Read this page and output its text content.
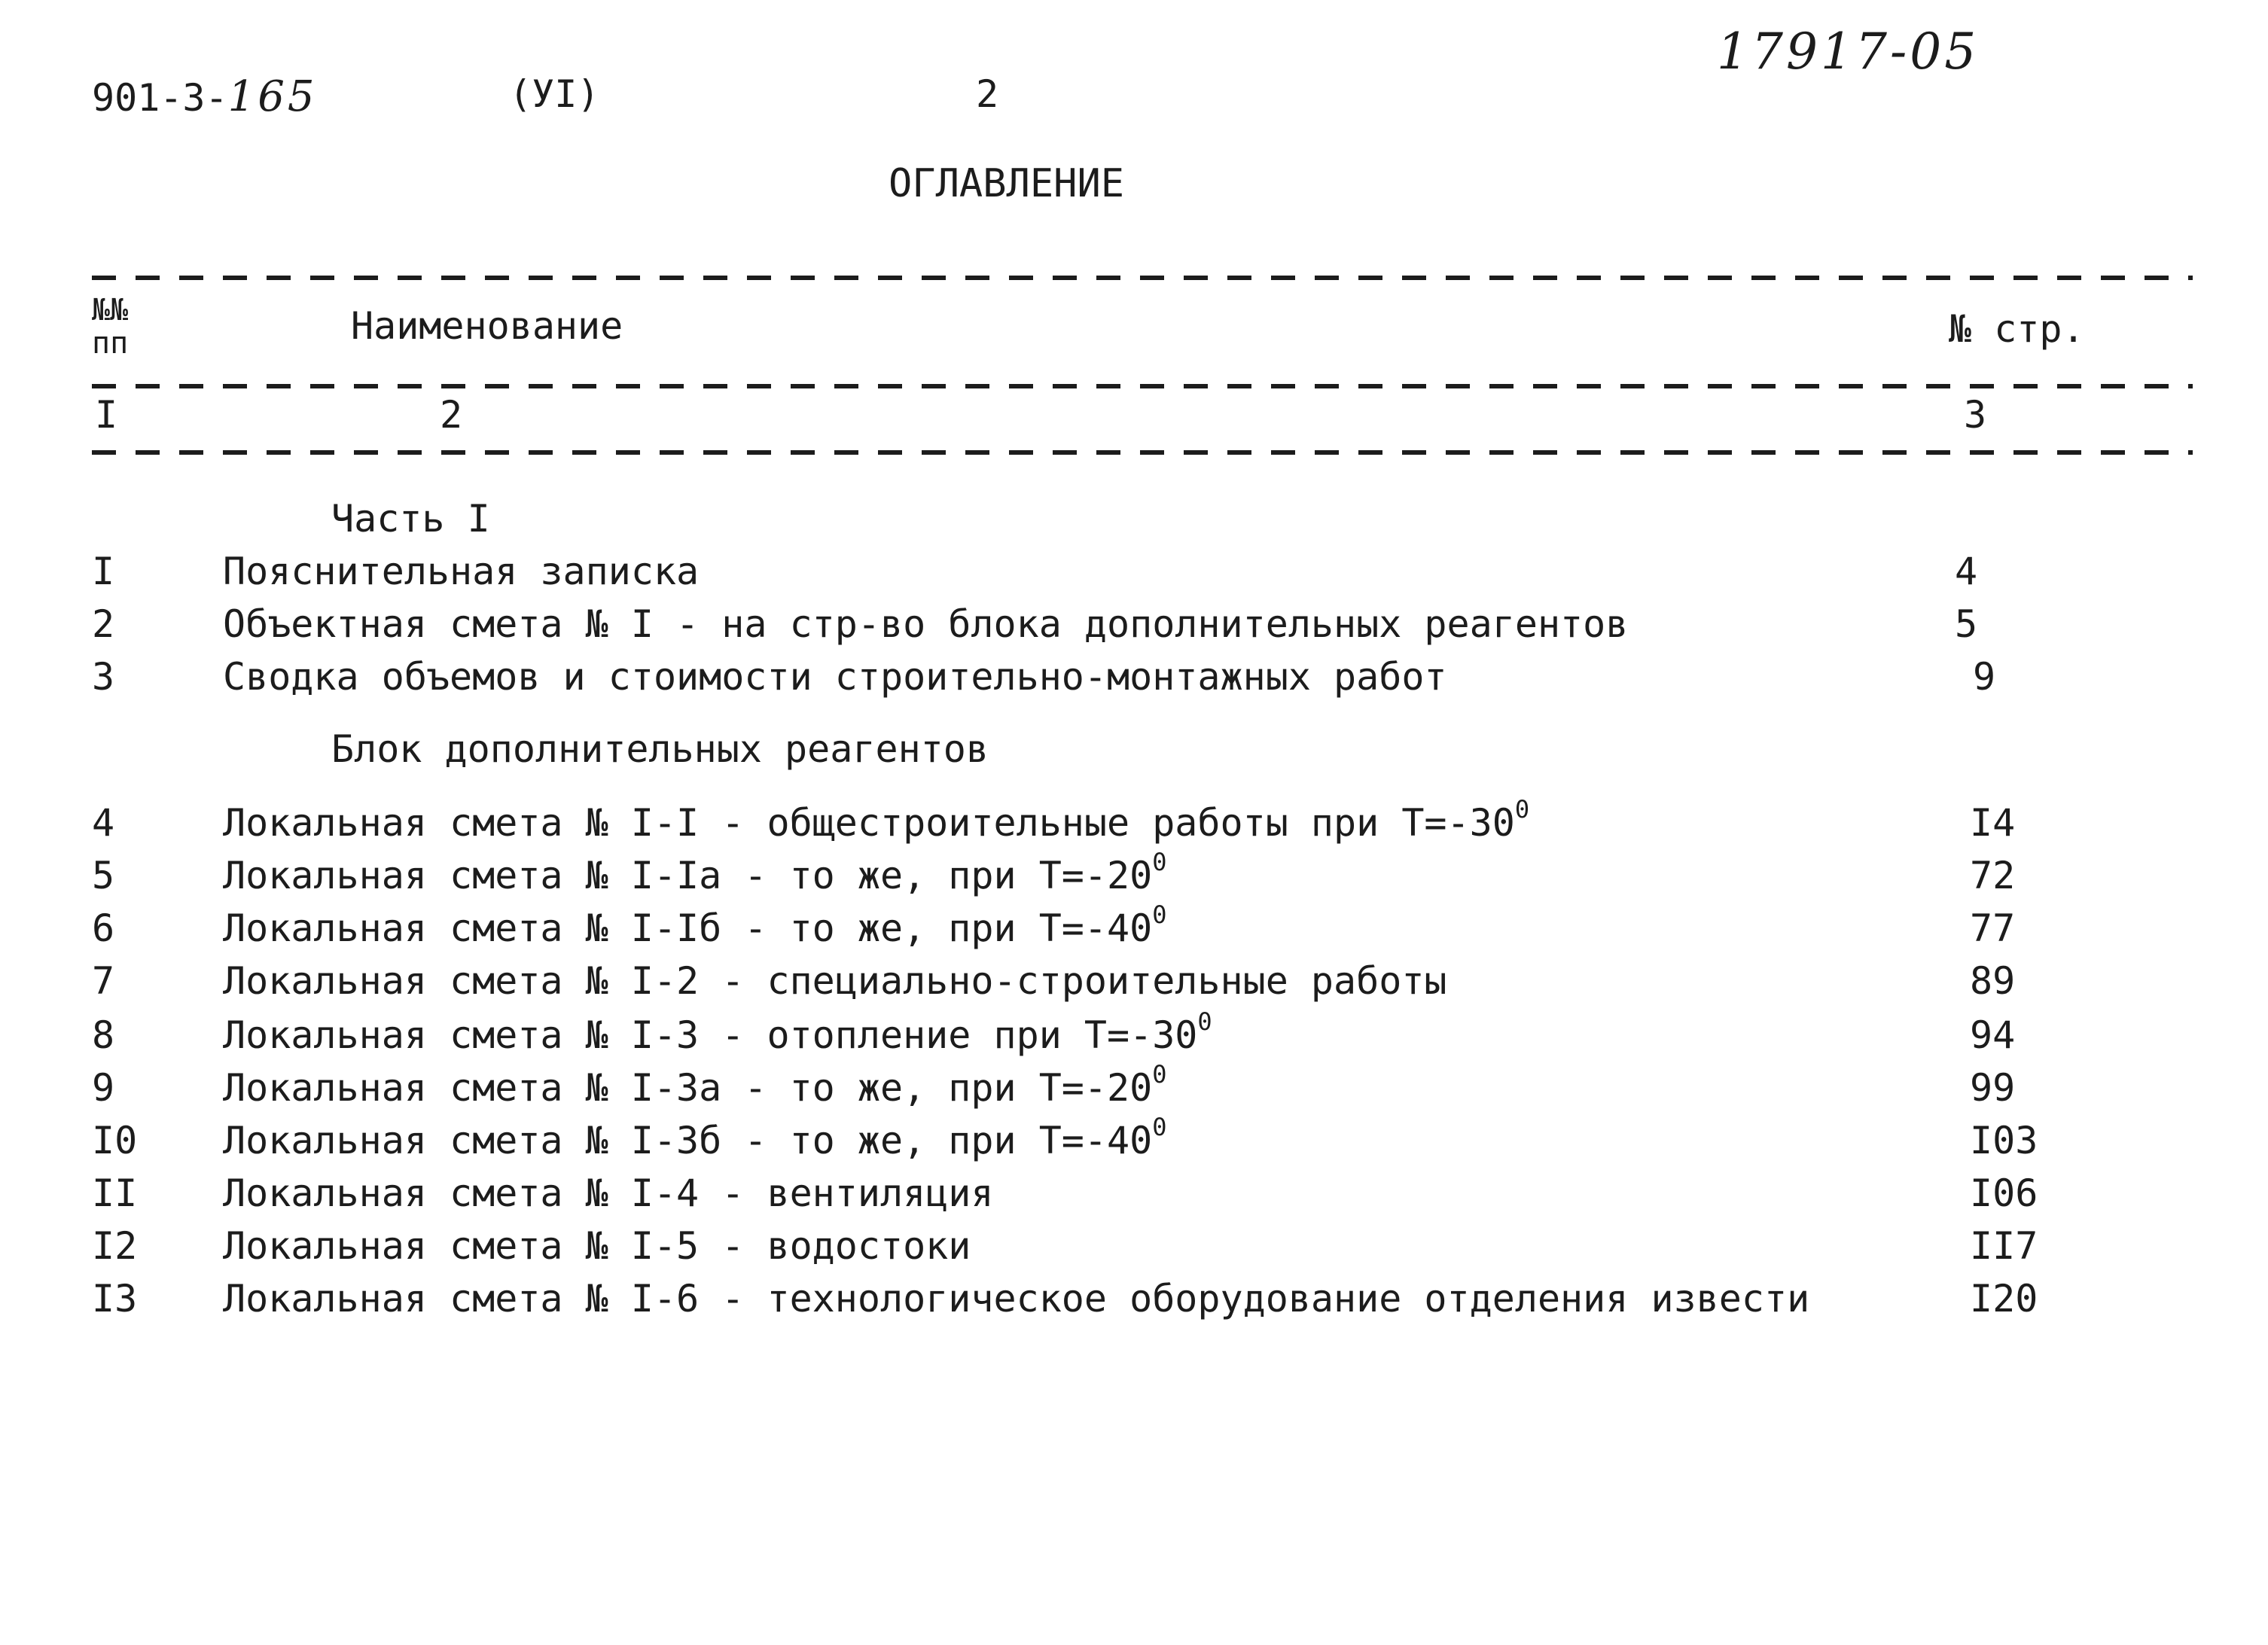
901-3-165	(УI)	2
17917-05
ОГЛАВЛЕНИЕ
№№
пп	Наименование	№ стр.
I	2	3
Часть I
Блок дополнительных реагентов
I	Пояснительная записка	4
2	Объектная смета № I - на стр-во блока дополнительных реагентов	5
3	Сводка объемов и стоимости строительно-монтажных работ	9
4	Локальная смета № I-I - общестроительные работы при $Т=-30^0$	I4
5	Локальная смета № I-Iа - то же, при $Т=-20^0$	72
6	Локальная смета № I-Iб - то же, при $Т=-40^0$	77
7	Локальная смета № I-2 - специально-строительные работы	89
8	Локальная смета № I-3 - отопление при $Т=-30^0$	94
9	Локальная смета № I-3а - то же, при $Т=-20^0$	99
I0 Локальная смета № I-3б - то же, при $Т=-40^0$	I03
II Локальная смета № I-4 - вентиляция	I06
I2 Локальная смета № I-5 - водостоки	II7
I3 Локальная смета № I-6 - технологическое оборудование отделения извести	I20
